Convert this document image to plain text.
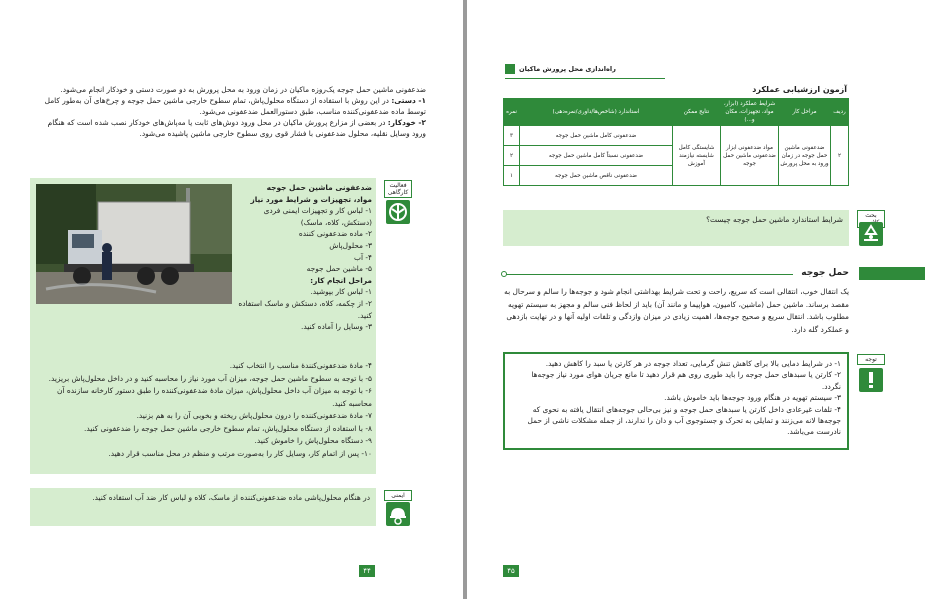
ضدعفونی ماشین حمل جوجه یک‌روزه ماکیان در زمان ورود به محل پرورش به دو صورت دستی و خودکار انجام می‌شود.
۱- دستی: در این روش با استفاده از دستگاه محلول‌پاش، تمام سطوح خارجی ماشین حمل جوجه و چرخ‌های آن به‌طور کامل توسط ماده ضدعفونی‌کننده مناسب، طبق دستورالعمل ضدعفونی می‌شود.
۲- خودکار: در بعضی از مزارع پرورش ماکیان در محل ورود دوش‌های ثابت یا مه‌پاش‌های خودکار نصب شده است که هنگام ورود وسایل نقلیه، محلول ضدعفونی با فشار قوی روی سطوح خارجی ماشین پاشیده می‌شود.
ضدعفونی ماشین حمل جوجه
مواد، تجهیزات و شرایط مورد نیاز
۱- لباس کار و تجهیزات ایمنی فردی (دستکش، کلاه، ماسک)
۲- ماده ضدعفونی کننده
۳- محلول‌پاش
۴- آب
۵- ماشین حمل جوجه
مراحل انجام کار:
۱- لباس کار بپوشید.
۲- از چکمه، کلاه، دستکش و ماسک استفاده کنید.
۳- وسایل را آماده کنید.
۴- مادهٔ ضدعفونی‌کنندهٔ مناسب را انتخاب کنید.
۵- با توجه به سطوح ماشین حمل جوجه، میزان آب مورد نیاز را محاسبه کنید و در داخل محلول‌پاش بریزید.
۶- با توجه به میزان آب داخل محلول‌پاش، میزان مادهٔ ضدعفونی‌کننده را طبق دستور کارخانه سازنده آن محاسبه کنید.
۷- مادهٔ ضدعفونی‌کننده را درون محلول‌پاش ریخته و بخوبی آن را به هم بزنید.
۸- با استفاده از دستگاه محلول‌پاش، تمام سطوح خارجی ماشین حمل جوجه را ضدعفونی کنید.
۹- دستگاه محلول‌پاش را خاموش کنید.
۱۰- پس از اتمام کار، وسایل کار را به‌صورت مرتب و منظم در محل مناسب قرار دهید.
فعالیت کارگاهی
در هنگام محلول‌پاشی ماده ضدعفونی‌کننده از ماسک، کلاه و لباس کار ضد آب استفاده کنید.	ایمنی
۴۴
راه‌اندازی محل پرورش ماکیان
آزمون ارزشیابی عملکرد
ردیف	مراحل کار	شرایط عملکرد (ابزار، مواد، تجهیزات، مکان و...)	نتایج ممکن	استاندارد (شاخص‌ها/داوری/نمره‌دهی)	نمره
۲	ضدعفونی ماشین حمل جوجه در زمان ورود به محل پرورش	مواد ضدعفونی ابزار ضدعفونی ماشین حمل جوجه	شایستگی کامل شایسته نیازمند آموزش	ضدعفونی کامل ماشین حمل جوجه	۳
				ضدعفونی نسبتاً کامل ماشین حمل جوجه	۲
				ضدعفونی ناقص ماشین حمل جوجه	۱
شرایط استاندارد ماشین حمل جوجه چیست؟	بحث
حمل جوجه
یک انتقال خوب، انتقالی است که سریع، راحت و تحت شرایط بهداشتی انجام شود و جوجه‌ها را سالم و سرحال به مقصد برساند. ماشین حمل (ماشین، کامیون، هواپیما و مانند آن) باید از لحاظ فنی سالم و مجهز به سیستم تهویه مطلوب باشد. انتقال سریع و صحیح جوجه‌ها، اهمیت زیادی در میزان وازدگی و تلفات اولیه آنها و در نهایت بازدهی و عملکرد گله دارد.
۱- در شرایط دمایی بالا برای کاهش تنش گرمایی، تعداد جوجه در هر کارتن یا سبد را کاهش دهید.
۲- کارتن یا سبدهای حمل جوجه را باید طوری روی هم قرار دهید تا مانع جریان هوای مورد نیاز جوجه‌ها نگردد.
۳- سیستم تهویه در هنگام ورود جوجه‌ها باید خاموش باشد.
۴- تلفات غیرعادی داخل کارتن یا سبدهای حمل جوجه و نیز بی‌حالی جوجه‌های انتقال یافته به نحوی که جوجه‌ها لانه می‌زنند و تمایلی به تحرک و جستوجوی آب و دان را ندارند، از جمله مشکلات ناشی از حمل نادرست می‌باشد.
توجه
۴۵
